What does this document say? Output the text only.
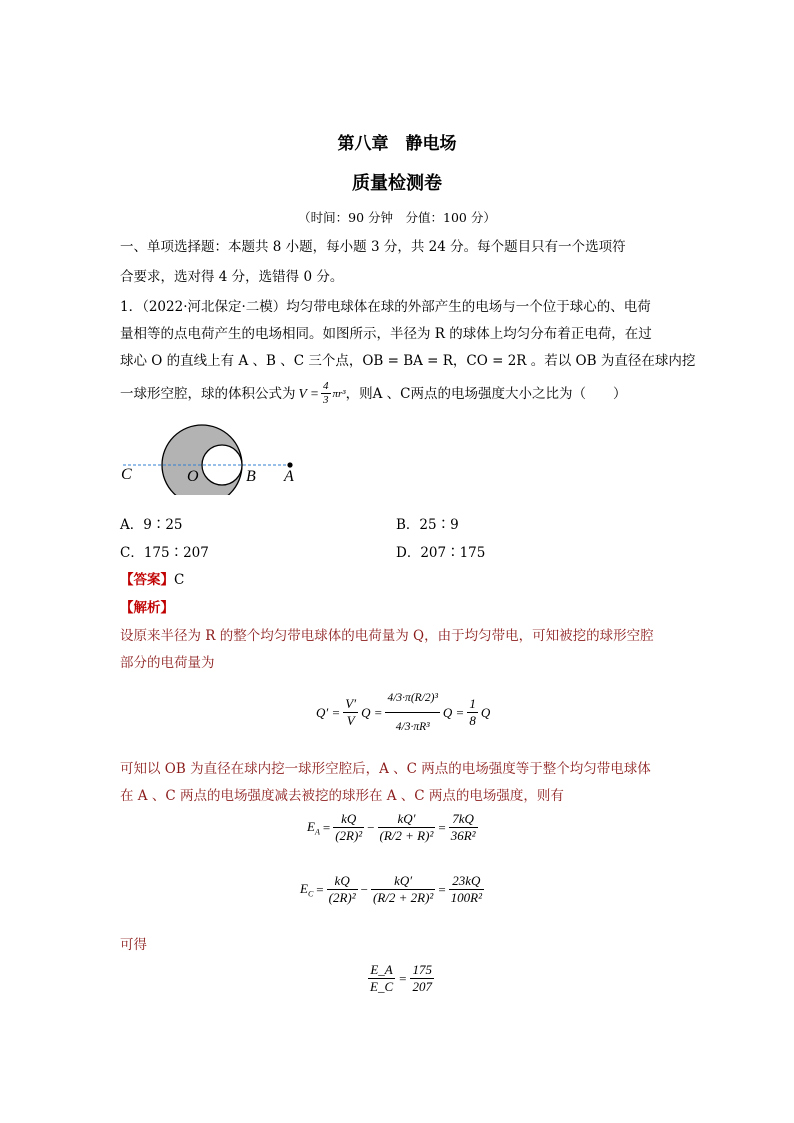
第八章　静电场
质量检测卷
（时间：90 分钟　分值：100 分）
一、单项选择题：本题共 8 小题，每小题 3 分，共 24 分。每个题目只有一个选项符
合要求，选对得 4 分，选错得 0 分。
1．（2022·河北保定·二模）均匀带电球体在球的外部产生的电场与一个位于球心的、电荷
量相等的点电荷产生的电场相同。如图所示，半径为 R 的球体上均匀分布着正电荷，在过
球心 O 的直线上有 A 、B 、C 三个点，OB = BA = R，CO = 2R 。若以 OB 为直径在球内挖
一球形空腔，球的体积公式为 $V = \frac{4}{3} \pi r^3$ ，则A 、C两点的电场强度大小之比为（　　）
C	O	B A
A．9∶25	B．25∶9
C．175∶207	D．207∶175
【答案】C
【解析】
设原来半径为 R 的整个均匀带电球体的电荷量为 Q，由于均匀带电，可知被挖的球形空腔
部分的电荷量为
$Q' = \frac{V'}{V}$ $Q = \frac{\text{4/3·π(R/2)³}}{\text{4/3·πR³}}$ $Q = \frac{1}{8}$ Q
可知以 OB 为直径在球内挖一球形空腔后，A 、C 两点的电场强度等于整个均匀带电球体
在 A 、C 两点的电场强度减去被挖的球形在 A 、C 两点的电场强度，则有
$E_A = \frac{kQ}{\text{(2R)²}} - \frac{kQ'}{\text{(R/2 + R)²}} = \frac{7kQ}{\text{36R²}}$
$E_C = \frac{kQ}{\text{(2R)²}} - \frac{kQ'}{\text{(R/2 + 2R)²}} = \frac{23kQ}{\text{100R²}}$
可得
$\frac{E\_A}{E\_C} = \frac{175}{207}$
